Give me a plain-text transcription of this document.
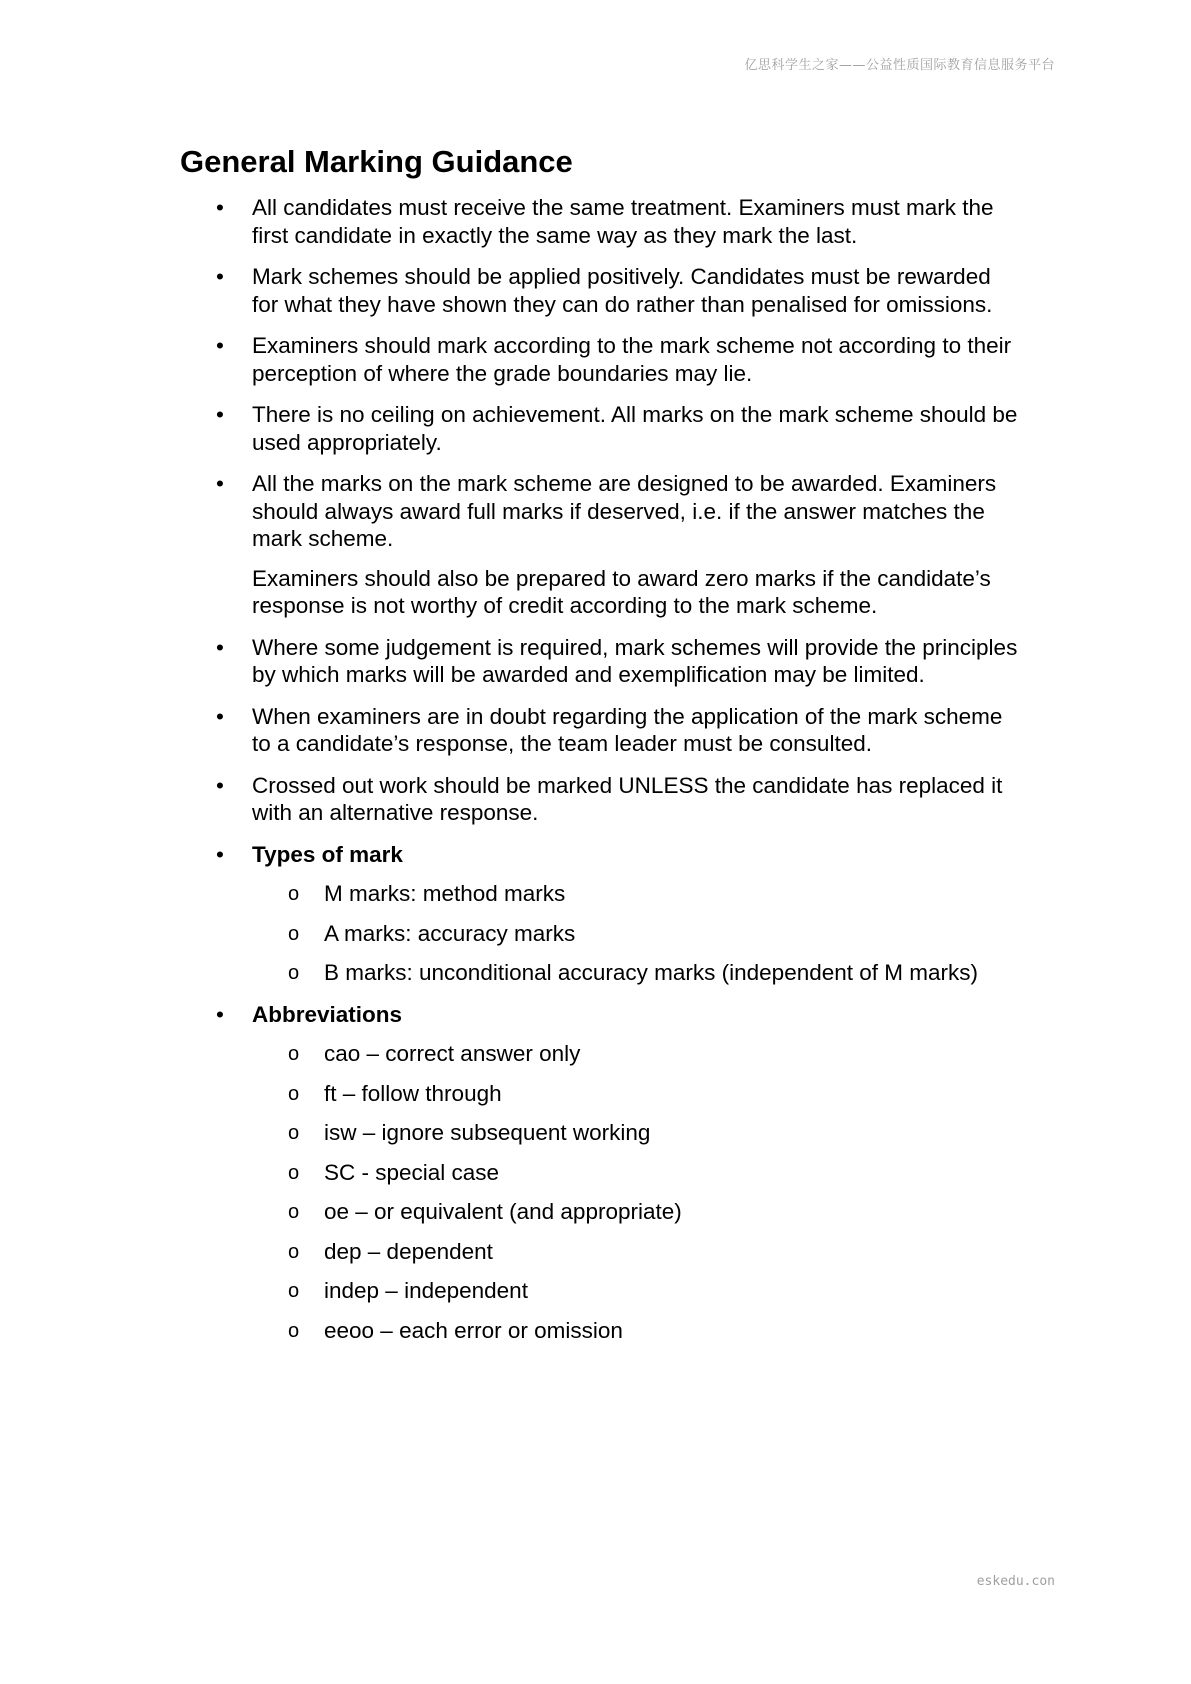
亿思科学生之家——公益性质国际教育信息服务平台
General Marking Guidance
•	All candidates must receive the same treatment. Examiners must mark the first candidate in exactly the same way as they mark the last.
•	Mark schemes should be applied positively. Candidates must be rewarded for what they have shown they can do rather than penalised for omissions.
•	Examiners should mark according to the mark scheme not according to their perception of where the grade boundaries may lie.
•	There is no ceiling on achievement. All marks on the mark scheme should be used appropriately.
•	All the marks on the mark scheme are designed to be awarded. Examiners should always award full marks if deserved, i.e. if the answer matches the mark scheme.
Examiners should also be prepared to award zero marks if the candidate’s response is not worthy of credit according to the mark scheme.
•	Where some judgement is required, mark schemes will provide the principles by which marks will be awarded and exemplification may be limited.
•	When examiners are in doubt regarding the application of the mark scheme to a candidate’s response, the team leader must be consulted.
•	Crossed out work should be marked UNLESS the candidate has replaced it with an alternative response.
•	Types of mark
o M marks: method marks
o A marks: accuracy marks
o B marks: unconditional accuracy marks (independent of M marks)
•	Abbreviations
o cao – correct answer only
o ft – follow through
o isw – ignore subsequent working
o SC - special case
o oe – or equivalent (and appropriate)
o dep – dependent
o indep – independent
o eeoo – each error or omission
eskedu.con
